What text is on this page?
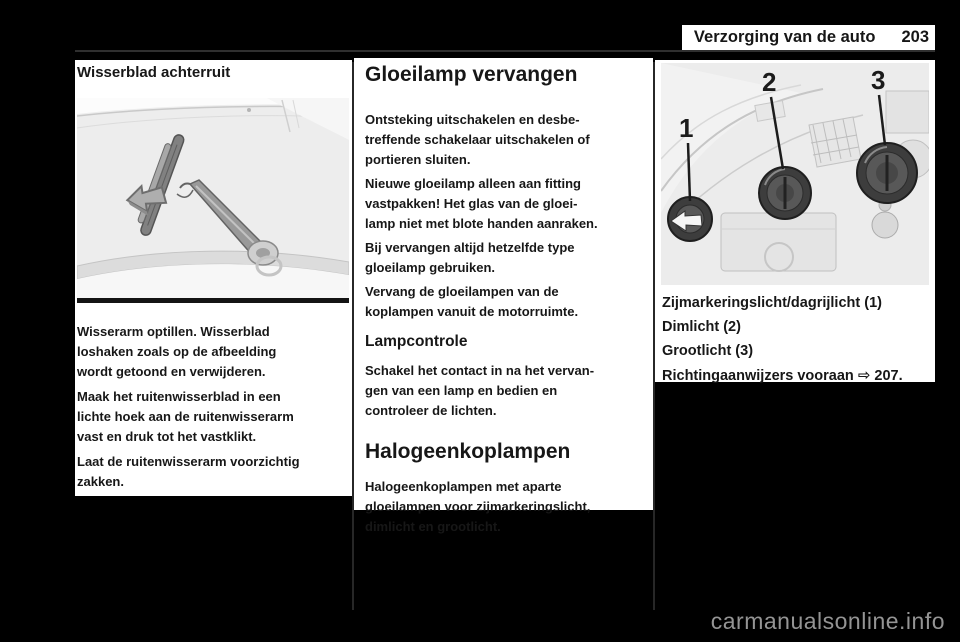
Verzorging van de auto 203
Wisserblad achterruit

Wisserarm optillen. Wisserblad
loshaken zoals op de afbeelding
wordt getoond en verwijderen.

Maak het ruitenwisserblad in een
lichte hoek aan de ruitenwisserarm
vast en druk tot het vastklikt.

Laat de ruitenwisserarm voorzichtig
zakken.

Gloeilamp vervangen

Ontsteking uitschakelen en desbe-
treffende schakelaar uitschakelen of
portieren sluiten.

Nieuwe gloeilamp alleen aan fitting
vastpakken! Het glas van de gloei-
lamp niet met blote handen aanraken.

Bij vervangen altijd hetzelfde type
gloeilamp gebruiken.

Vervang de gloeilampen van de
koplampen vanuit de motorruimte.

Lampcontrole

Schakel het contact in na het vervan-
gen van een lamp en bedien en
controleer de lichten.

Halogeenkoplampen

Halogeenkoplampen met aparte
gloeilampen voor zijmarkeringslicht,
dimlicht en grootlicht.

1
2	3

Zijmarkeringslicht/dagrijlicht (1)

Dimlicht (2)

Grootlicht (3)

Richtingaanwijzers vooraan ⇨ 207.

carmanualsonline.info
